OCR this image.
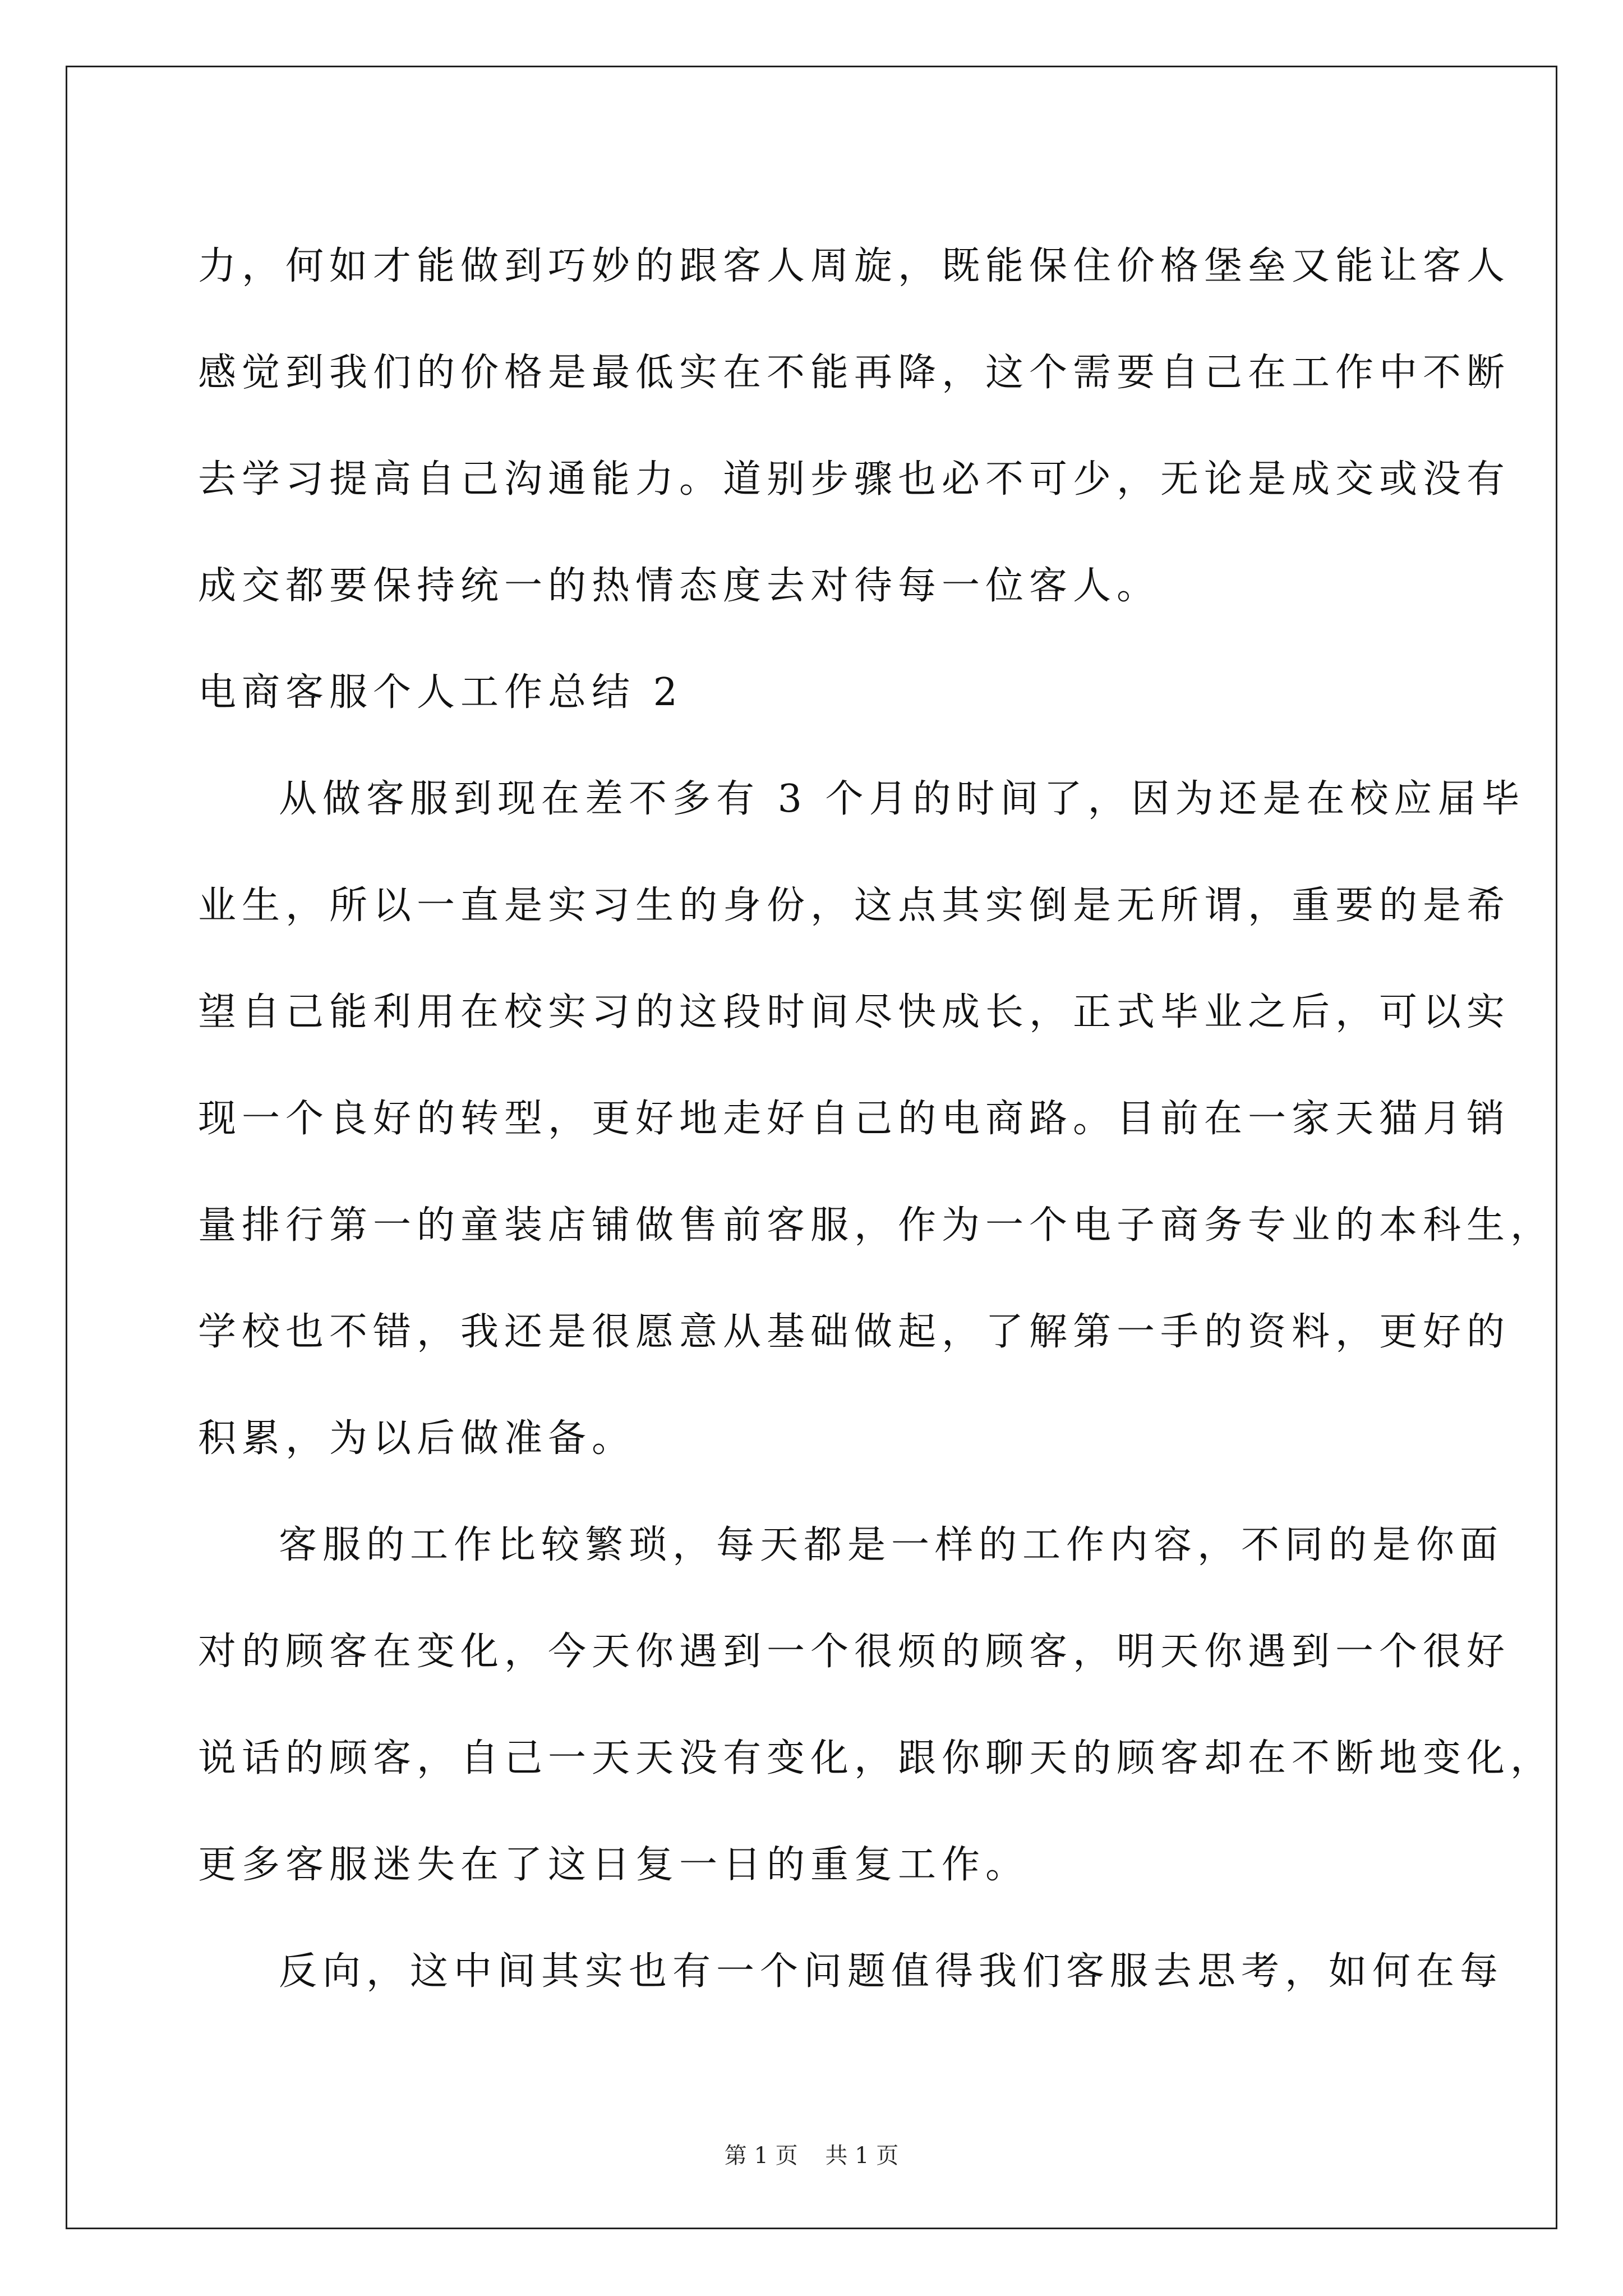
力，何如才能做到巧妙的跟客人周旋，既能保住价格堡垒又能让客人
感觉到我们的价格是最低实在不能再降，这个需要自己在工作中不断
去学习提高自己沟通能力。道别步骤也必不可少，无论是成交或没有
成交都要保持统一的热情态度去对待每一位客人。
电商客服个人工作总结 2
从做客服到现在差不多有 3 个月的时间了，因为还是在校应届毕
业生，所以一直是实习生的身份，这点其实倒是无所谓，重要的是希
望自己能利用在校实习的这段时间尽快成长，正式毕业之后，可以实
现一个良好的转型，更好地走好自己的电商路。目前在一家天猫月销
量排行第一的童装店铺做售前客服，作为一个电子商务专业的本科生，
学校也不错，我还是很愿意从基础做起，了解第一手的资料，更好的
积累，为以后做准备。
客服的工作比较繁琐，每天都是一样的工作内容，不同的是你面
对的顾客在变化，今天你遇到一个很烦的顾客，明天你遇到一个很好
说话的顾客，自己一天天没有变化，跟你聊天的顾客却在不断地变化，
更多客服迷失在了这日复一日的重复工作。
反向，这中间其实也有一个问题值得我们客服去思考，如何在每
第 1 页 共 1 页
